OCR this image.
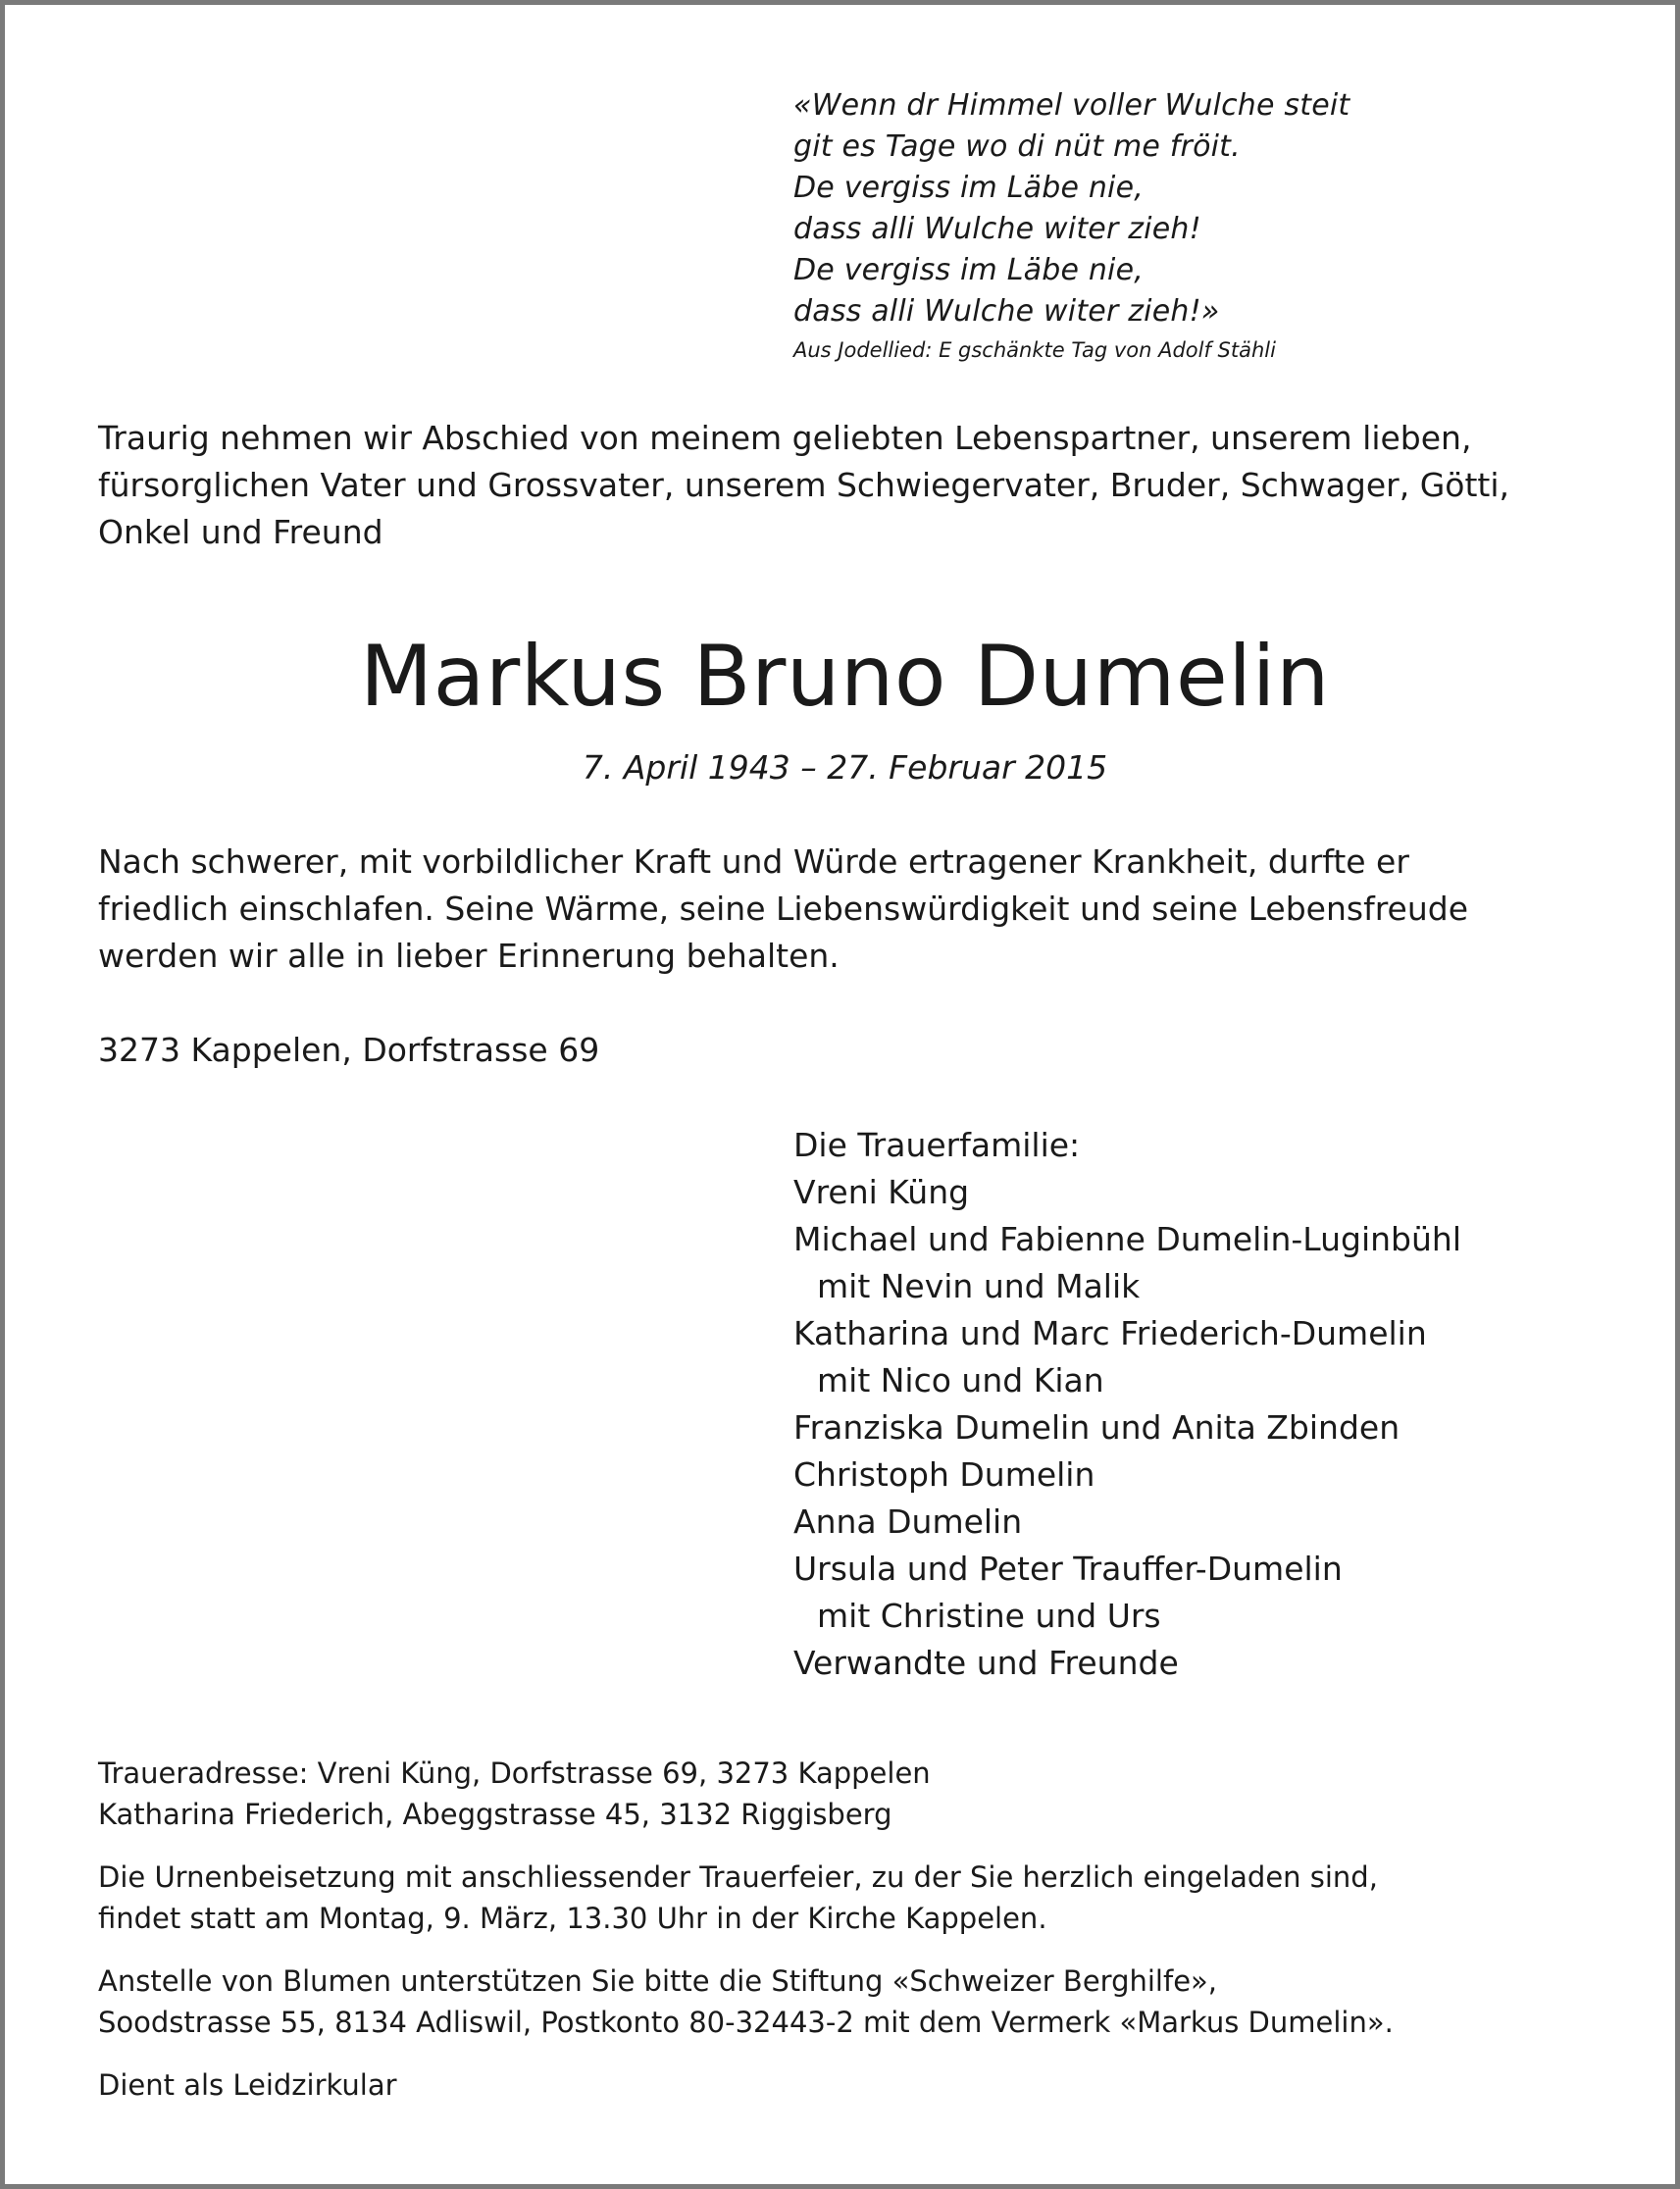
«Wenn dr Himmel voller Wulche steit
git es Tage wo di nüt me fröit.
De vergiss im Läbe nie,
dass alli Wulche witer zieh!
De vergiss im Läbe nie,
dass alli Wulche witer zieh!»
Aus Jodellied: E gschänkte Tag von Adolf Stähli
Traurig nehmen wir Abschied von meinem geliebten Lebenspartner, unserem lieben,
fürsorglichen Vater und Grossvater, unserem Schwiegervater, Bruder, Schwager, Götti,
Onkel und Freund
Markus Bruno Dumelin
7. April 1943 – 27. Februar 2015
Nach schwerer, mit vorbildlicher Kraft und Würde ertragener Krankheit, durfte er
friedlich einschlafen. Seine Wärme, seine Liebenswürdigkeit und seine Lebensfreude
werden wir alle in lieber Erinnerung behalten.
3273 Kappelen, Dorfstrasse 69
Die Trauerfamilie:
Vreni Küng
Michael und Fabienne Dumelin-Luginbühl
mit Nevin und Malik
Katharina und Marc Friederich-Dumelin
mit Nico und Kian
Franziska Dumelin und Anita Zbinden
Christoph Dumelin
Anna Dumelin
Ursula und Peter Trauffer-Dumelin
mit Christine und Urs
Verwandte und Freunde
Traueradresse: Vreni Küng, Dorfstrasse 69, 3273 Kappelen
Katharina Friederich, Abeggstrasse 45, 3132 Riggisberg
Die Urnenbeisetzung mit anschliessender Trauerfeier, zu der Sie herzlich eingeladen sind,
findet statt am Montag, 9. März, 13.30 Uhr in der Kirche Kappelen.
Anstelle von Blumen unterstützen Sie bitte die Stiftung «Schweizer Berghilfe»,
Soodstrasse 55, 8134 Adliswil, Postkonto 80-32443-2 mit dem Vermerk «Markus Dumelin».
Dient als Leidzirkular
